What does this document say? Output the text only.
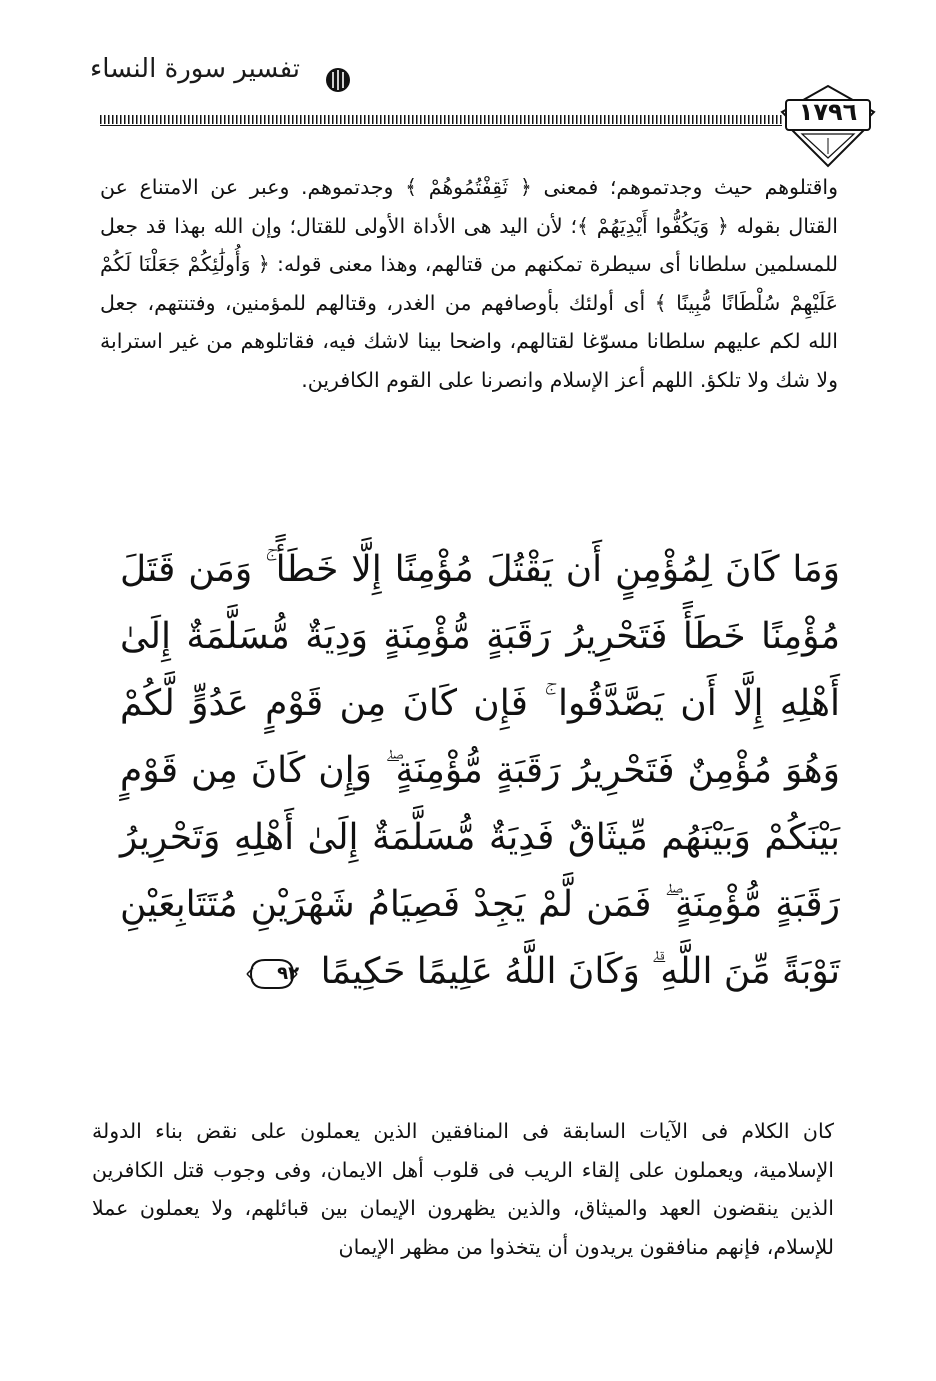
تفسير سورة النساء
١٧٩٦
واقتلوهم حيث وجدتموهم؛ فمعنى ﴿ ثَقِفْتُمُوهُمْ ﴾ وجدتموهم. وعبر عن الامتناع عن القتال بقوله ﴿ وَيَكُفُّوا أَيْدِيَهُمْ ﴾؛ لأن اليد هى الأداة الأولى للقتال؛ وإن الله بهذا قد جعل للمسلمين سلطانا أى سيطرة تمكنهم من قتالهم، وهذا معنى قوله: ﴿ وَأُولَٰئِكُمْ جَعَلْنَا لَكُمْ عَلَيْهِمْ سُلْطَانًا مُّبِينًا ﴾ أى أولئك بأوصافهم من الغدر، وقتالهم للمؤمنين، وفتنتهم، جعل الله لكم عليهم سلطانا مسوّغا لقتالهم، واضحا بينا لاشك فيه، فقاتلوهم من غير استرابة ولا شك ولا تلكؤ. اللهم أعز الإسلام وانصرنا على القوم الكافرين.
وَمَا كَانَ لِمُؤْمِنٍ أَن يَقْتُلَ مُؤْمِنًا إِلَّا خَطَأً ۚ وَمَن قَتَلَ مُؤْمِنًا خَطَأً فَتَحْرِيرُ رَقَبَةٍ مُّؤْمِنَةٍ وَدِيَةٌ مُّسَلَّمَةٌ إِلَىٰ أَهْلِهِ إِلَّا أَن يَصَّدَّقُوا ۚ فَإِن كَانَ مِن قَوْمٍ عَدُوٍّ لَّكُمْ وَهُوَ مُؤْمِنٌ فَتَحْرِيرُ رَقَبَةٍ مُّؤْمِنَةٍ ۖ وَإِن كَانَ مِن قَوْمٍ بَيْنَكُمْ وَبَيْنَهُم مِّيثَاقٌ فَدِيَةٌ مُّسَلَّمَةٌ إِلَىٰ أَهْلِهِ وَتَحْرِيرُ رَقَبَةٍ مُّؤْمِنَةٍ ۖ فَمَن لَّمْ يَجِدْ فَصِيَامُ شَهْرَيْنِ مُتَتَابِعَيْنِ تَوْبَةً مِّنَ اللَّهِ ۗ وَكَانَ اللَّهُ عَلِيمًا حَكِيمًا
٩٢
كان الكلام فى الآيات السابقة فى المنافقين الذين يعملون على نقض بناء الدولة الإسلامية، ويعملون على إلقاء الريب فى قلوب أهل الايمان، وفى وجوب قتل الكافرين الذين ينقضون العهد والميثاق، والذين يظهرون الإيمان بين قبائلهم، ولا يعملون عملا للإسلام، فإنهم منافقون يريدون أن يتخذوا من مظهر الإيمان
